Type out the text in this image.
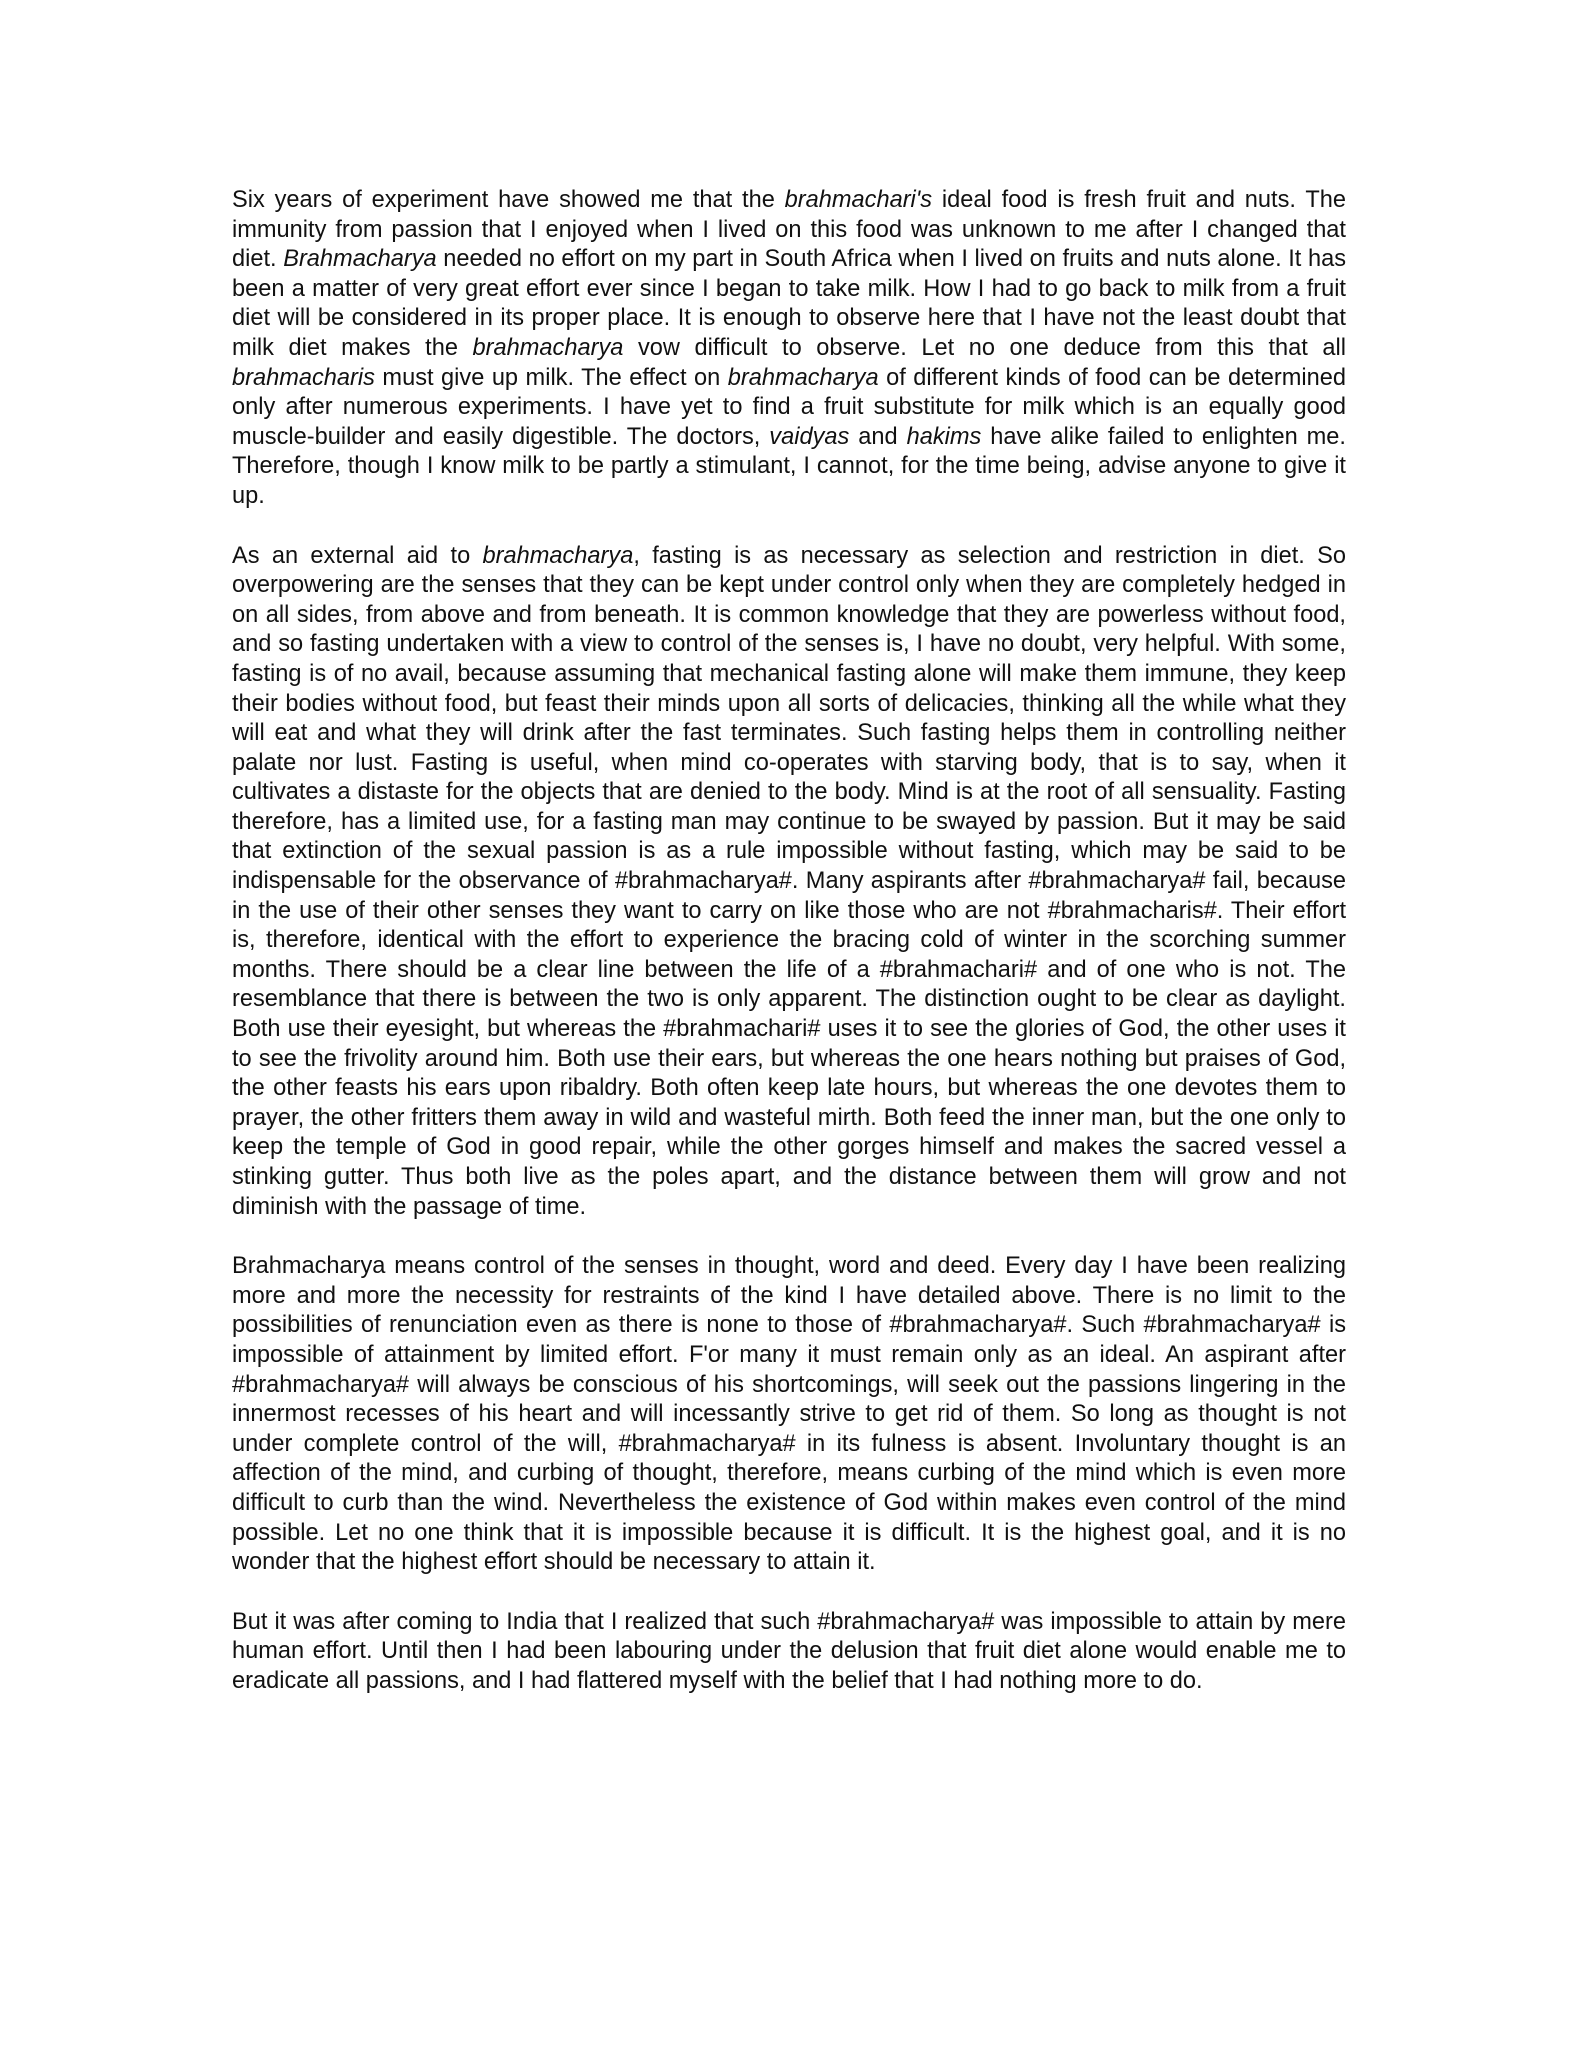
Six years of experiment have showed me that the brahmachari's ideal food is fresh fruit and nuts. The immunity from passion that I enjoyed when I lived on this food was unknown to me after I changed that diet. Brahmacharya needed no effort on my part in South Africa when I lived on fruits and nuts alone. It has been a matter of very great effort ever since I began to take milk. How I had to go back to milk from a fruit diet will be considered in its proper place. It is enough to observe here that I have not the least doubt that milk diet makes the brahmacharya vow difficult to observe. Let no one deduce from this that all brahmacharis must give up milk. The effect on brahmacharya of different kinds of food can be determined only after numerous experiments. I have yet to find a fruit substitute for milk which is an equally good muscle-builder and easily digestible. The doctors, vaidyas and hakims have alike failed to enlighten me. Therefore, though I know milk to be partly a stimulant, I cannot, for the time being, advise anyone to give it up.

As an external aid to brahmacharya, fasting is as necessary as selection and restriction in diet. So overpowering are the senses that they can be kept under control only when they are completely hedged in on all sides, from above and from beneath. It is common knowledge that they are powerless without food, and so fasting undertaken with a view to control of the senses is, I have no doubt, very helpful. With some, fasting is of no avail, because assuming that mechanical fasting alone will make them immune, they keep their bodies without food, but feast their minds upon all sorts of delicacies, thinking all the while what they will eat and what they will drink after the fast terminates. Such fasting helps them in controlling neither palate nor lust. Fasting is useful, when mind co-operates with starving body, that is to say, when it cultivates a distaste for the objects that are denied to the body. Mind is at the root of all sensuality. Fasting therefore, has a limited use, for a fasting man may continue to be swayed by passion. But it may be said that extinction of the sexual passion is as a rule impossible without fasting, which may be said to be indispensable for the observance of #brahmacharya#. Many aspirants after #brahmacharya# fail, because in the use of their other senses they want to carry on like those who are not #brahmacharis#. Their effort is, therefore, identical with the effort to experience the bracing cold of winter in the scorching summer months. There should be a clear line between the life of a #brahmachari# and of one who is not. The resemblance that there is between the two is only apparent. The distinction ought to be clear as daylight. Both use their eyesight, but whereas the #brahmachari# uses it to see the glories of God, the other uses it to see the frivolity around him. Both use their ears, but whereas the one hears nothing but praises of God, the other feasts his ears upon ribaldry. Both often keep late hours, but whereas the one devotes them to prayer, the other fritters them away in wild and wasteful mirth. Both feed the inner man, but the one only to keep the temple of God in good repair, while the other gorges himself and makes the sacred vessel a stinking gutter. Thus both live as the poles apart, and the distance between them will grow and not diminish with the passage of time.

Brahmacharya means control of the senses in thought, word and deed. Every day I have been realizing more and more the necessity for restraints of the kind I have detailed above. There is no limit to the possibilities of renunciation even as there is none to those of #brahmacharya#. Such #brahmacharya# is impossible of attainment by limited effort. F'or many it must remain only as an ideal. An aspirant after #brahmacharya# will always be conscious of his shortcomings, will seek out the passions lingering in the innermost recesses of his heart and will incessantly strive to get rid of them. So long as thought is not under complete control of the will, #brahmacharya# in its fulness is absent. Involuntary thought is an affection of the mind, and curbing of thought, therefore, means curbing of the mind which is even more difficult to curb than the wind. Nevertheless the existence of God within makes even control of the mind possible. Let no one think that it is impossible because it is difficult. It is the highest goal, and it is no wonder that the highest effort should be necessary to attain it.

But it was after coming to India that I realized that such #brahmacharya# was impossible to attain by mere human effort. Until then I had been labouring under the delusion that fruit diet alone would enable me to eradicate all passions, and I had flattered myself with the belief that I had nothing more to do.
